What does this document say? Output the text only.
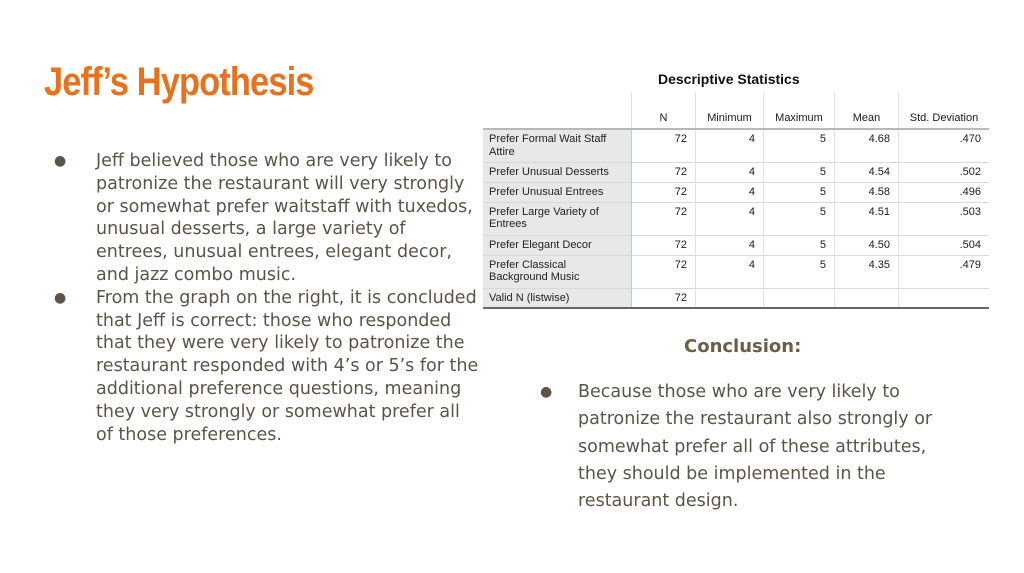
Jeff’s Hypothesis
● Jeff believed those who are very likely to patronize the restaurant will very strongly or somewhat prefer waitstaff with tuxedos, unusual desserts, a large variety of entrees, unusual entrees, elegant decor, and jazz combo music.
● From the graph on the right, it is concluded that Jeff is correct: those who responded that they were very likely to patronize the restaurant responded with 4’s or 5’s for the additional preference questions, meaning they very strongly or somewhat prefer all of those preferences.
Descriptive Statistics
	N	Minimum	Maximum	Mean	Std. Deviation
Prefer Formal Wait Staff Attire	72	4	5	4.68	.470
Prefer Unusual Desserts	72	4	5	4.54	.502
Prefer Unusual Entrees	72	4	5	4.58	.496
Prefer Large Variety of Entrees	72	4	5	4.51	.503
Prefer Elegant Decor	72	4	5	4.50	.504
Prefer Classical Background Music	72	4	5	4.35	.479
Valid N (listwise)	72				
Conclusion:
● Because those who are very likely to patronize the restaurant also strongly or somewhat prefer all of these attributes, they should be implemented in the restaurant design.
